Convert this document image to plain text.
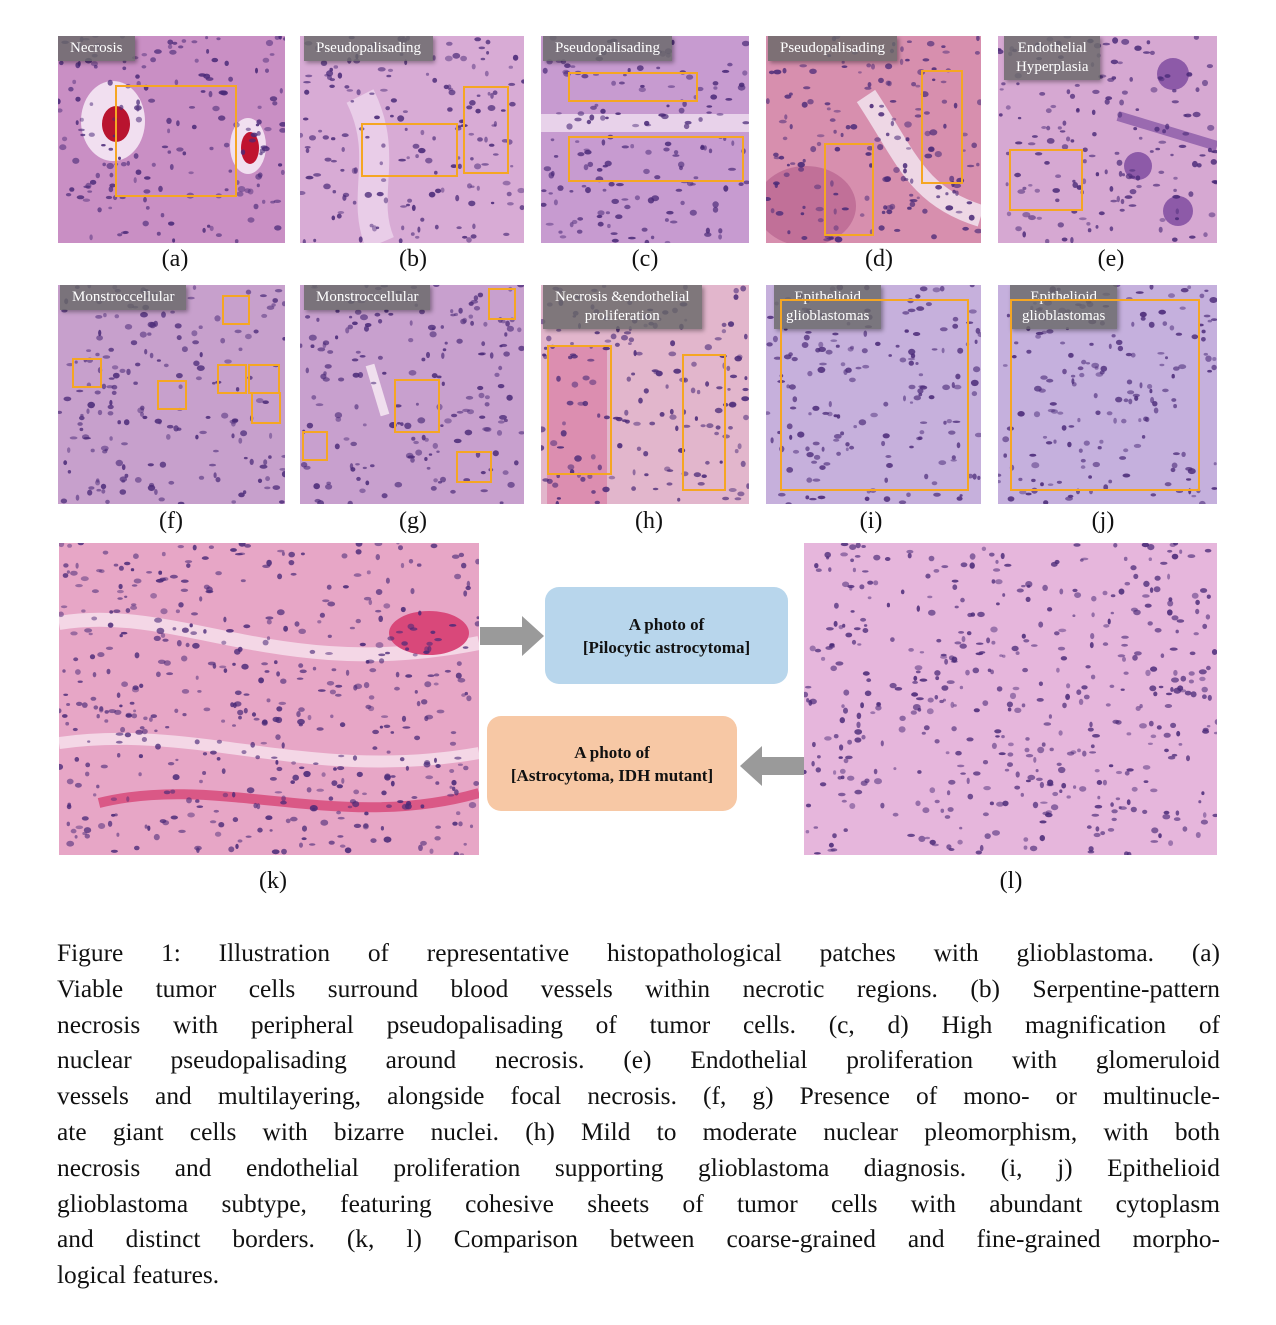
Necrosis
(a)
Pseudopalisading
(b)
Pseudopalisading
(c)
Pseudopalisading
(d)
Endothelial
Hyperplasia
(e)
Monstroccellular
(f)
Monstroccellular
(g)
Necrosis &endothelial
proliferation
(h)
Epithelioid
glioblastomas
(i)
Epithelioid
glioblastomas
(j)
(k)	(l)
A photo of
[Pilocytic astrocytoma]
A photo of
[Astrocytoma, IDH mutant]
Figure 1: Illustration of representative histopathological patches with glioblastoma. (a)
Viable tumor cells surround blood vessels within necrotic regions. (b) Serpentine-pattern
necrosis with peripheral pseudopalisading of tumor cells. (c, d) High magnification of
nuclear pseudopalisading around necrosis. (e) Endothelial proliferation with glomeruloid
vessels and multilayering, alongside focal necrosis. (f, g) Presence of mono- or multinucle-
ate giant cells with bizarre nuclei. (h) Mild to moderate nuclear pleomorphism, with both
necrosis and endothelial proliferation supporting glioblastoma diagnosis. (i, j) Epithelioid
glioblastoma subtype, featuring cohesive sheets of tumor cells with abundant cytoplasm
and distinct borders. (k, l) Comparison between coarse-grained and fine-grained morpho-
logical features.
